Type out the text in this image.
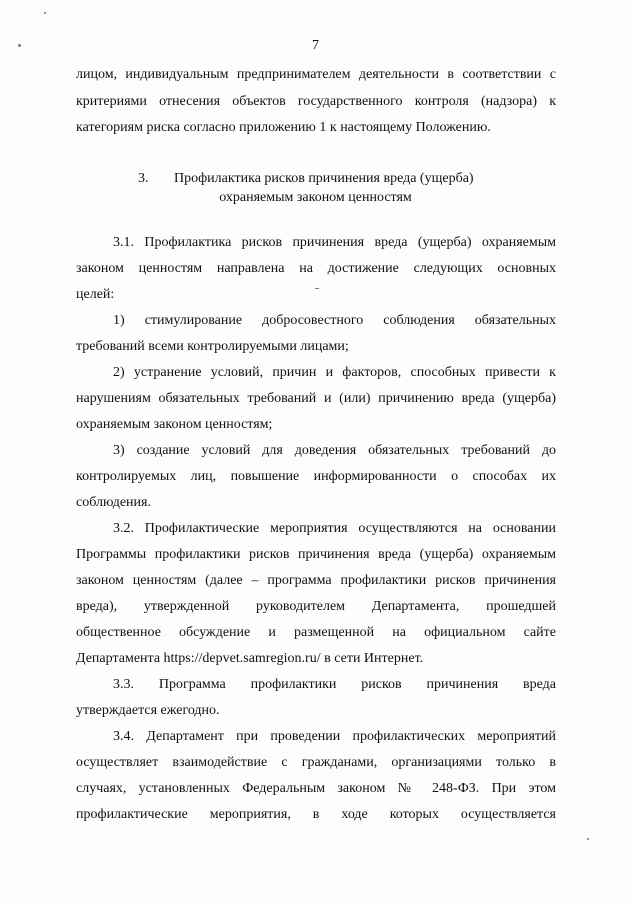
7
лицом, индивидуальным предпринимателем деятельности в соответствии с
критериями отнесения объектов государственного контроля (надзора) к
категориям риска согласно приложению 1 к настоящему Положению.
3. Профилактика рисков причинения вреда (ущерба)
охраняемым законом ценностям
3.1. Профилактика рисков причинения вреда (ущерба) охраняемым
законом ценностям направлена на достижение следующих основных
целей:
1) стимулирование добросовестного соблюдения обязательных
требований всеми контролируемыми лицами;
2) устранение условий, причин и факторов, способных привести к
нарушениям обязательных требований и (или) причинению вреда (ущерба)
охраняемым законом ценностям;
3) создание условий для доведения обязательных требований до
контролируемых лиц, повышение информированности о способах их
соблюдения.
3.2. Профилактические мероприятия осуществляются на основании
Программы профилактики рисков причинения вреда (ущерба) охраняемым
законом ценностям (далее – программа профилактики рисков причинения
вреда), утвержденной руководителем Департамента, прошедшей
общественное обсуждение и размещенной на официальном сайте
Департамента https://depvet.samregion.ru/ в сети Интернет.
3.3. Программа профилактики рисков причинения вреда
утверждается ежегодно.
3.4. Департамент при проведении профилактических мероприятий
осуществляет взаимодействие с гражданами, организациями только в
случаях, установленных Федеральным законом № 248-ФЗ. При этом
профилактические мероприятия, в ходе которых осуществляется
